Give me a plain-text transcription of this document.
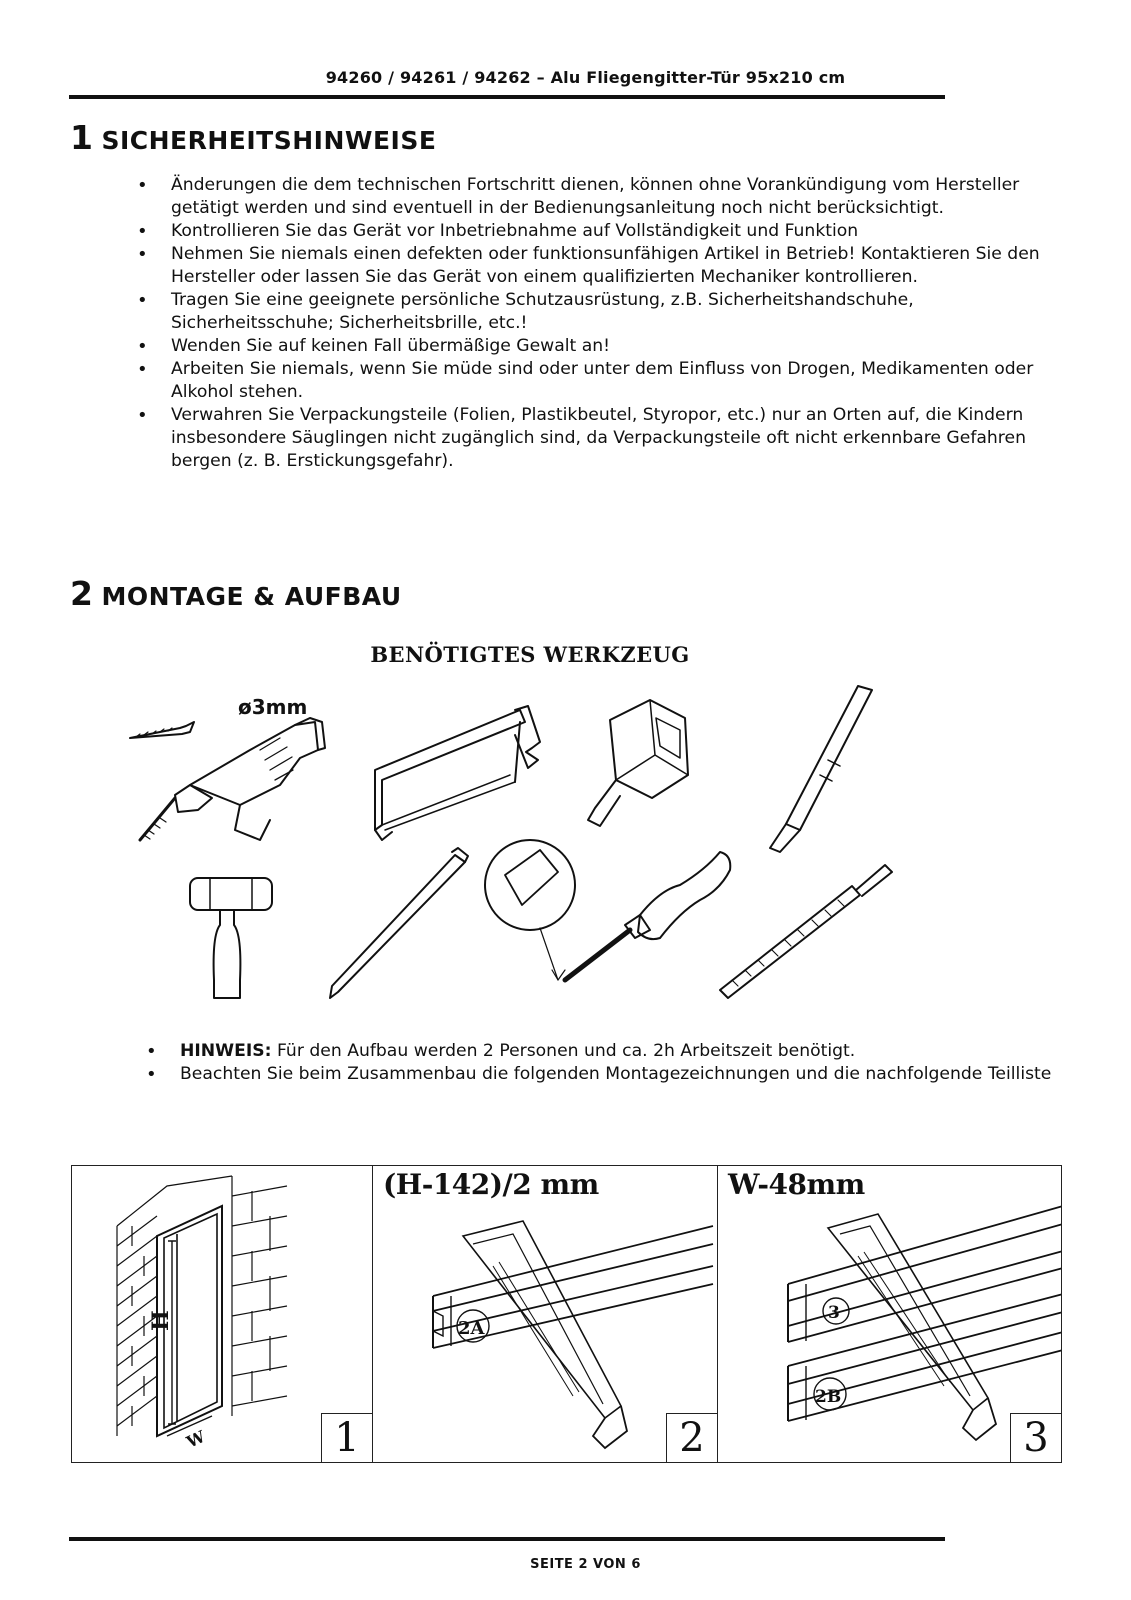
94260 / 94261 / 94262 – Alu Fliegengitter-Tür 95x210 cm
1 SICHERHEITSHINWEISE
• Änderungen die dem technischen Fortschritt dienen, können ohne Vorankündigung vom Hersteller getätigt werden und sind eventuell in der Bedienungsanleitung noch nicht berücksichtigt.
• Kontrollieren Sie das Gerät vor Inbetriebnahme auf Vollständigkeit und Funktion
• Nehmen Sie niemals einen defekten oder funktionsunfähigen Artikel in Betrieb! Kontaktieren Sie den Hersteller oder lassen Sie das Gerät von einem qualifizierten Mechaniker kontrollieren.
• Tragen Sie eine geeignete persönliche Schutzausrüstung, z.B. Sicherheitshandschuhe, Sicherheitsschuhe; Sicherheitsbrille, etc.!
• Wenden Sie auf keinen Fall übermäßige Gewalt an!
• Arbeiten Sie niemals, wenn Sie müde sind oder unter dem Einfluss von Drogen, Medikamenten oder Alkohol stehen.
• Verwahren Sie Verpackungsteile (Folien, Plastikbeutel, Styropor, etc.) nur an Orten auf, die Kindern insbesondere Säuglingen nicht zugänglich sind, da Verpackungsteile oft nicht erkennbare Gefahren bergen (z. B. Erstickungsgefahr).
2 MONTAGE & AUFBAU
BENÖTIGTES WERKZEUG
ø3mm
• HINWEIS: Für den Aufbau werden 2 Personen und ca. 2h Arbeitszeit benötigt.
• Beachten Sie beim Zusammenbau die folgenden Montagezeichnungen und die nachfolgende Teilliste
H
W	1
(H-142)/2 mm
2A
2
W-48mm
3
2B
3
SEITE 2 VON 6
